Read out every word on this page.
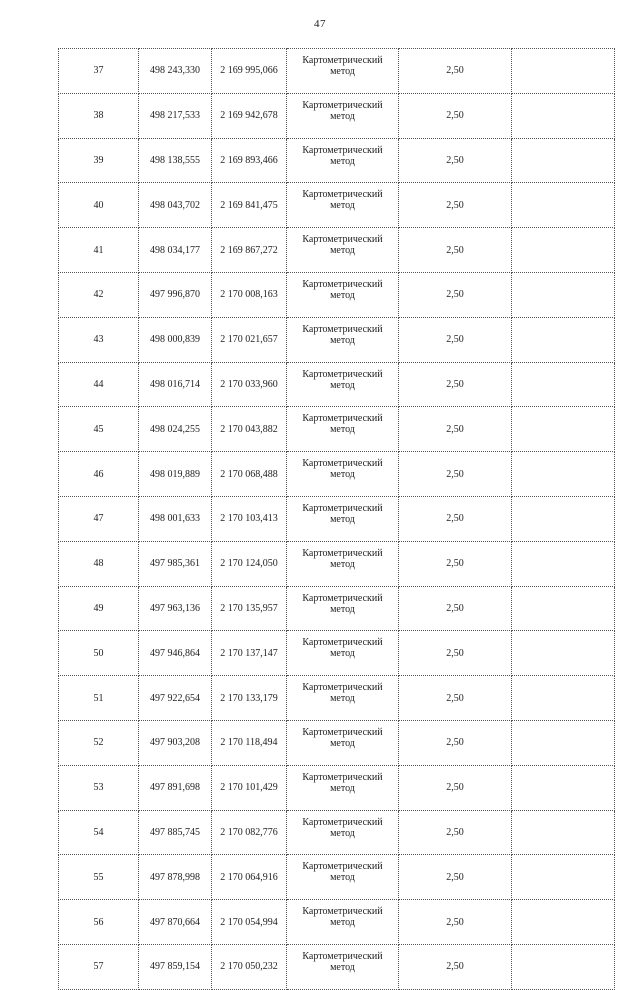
47
37	498 243,330	2 169 995,066	Картометрический метод	2,50	
38	498 217,533	2 169 942,678	Картометрический метод	2,50	
39	498 138,555	2 169 893,466	Картометрический метод	2,50	
40	498 043,702	2 169 841,475	Картометрический метод	2,50	
41	498 034,177	2 169 867,272	Картометрический метод	2,50	
42	497 996,870	2 170 008,163	Картометрический метод	2,50	
43	498 000,839	2 170 021,657	Картометрический метод	2,50	
44	498 016,714	2 170 033,960	Картометрический метод	2,50	
45	498 024,255	2 170 043,882	Картометрический метод	2,50	
46	498 019,889	2 170 068,488	Картометрический метод	2,50	
47	498 001,633	2 170 103,413	Картометрический метод	2,50	
48	497 985,361	2 170 124,050	Картометрический метод	2,50	
49	497 963,136	2 170 135,957	Картометрический метод	2,50	
50	497 946,864	2 170 137,147	Картометрический метод	2,50	
51	497 922,654	2 170 133,179	Картометрический метод	2,50	
52	497 903,208	2 170 118,494	Картометрический метод	2,50	
53	497 891,698	2 170 101,429	Картометрический метод	2,50	
54	497 885,745	2 170 082,776	Картометрический метод	2,50	
55	497 878,998	2 170 064,916	Картометрический метод	2,50	
56	497 870,664	2 170 054,994	Картометрический метод	2,50	
57	497 859,154	2 170 050,232	Картометрический метод	2,50	
